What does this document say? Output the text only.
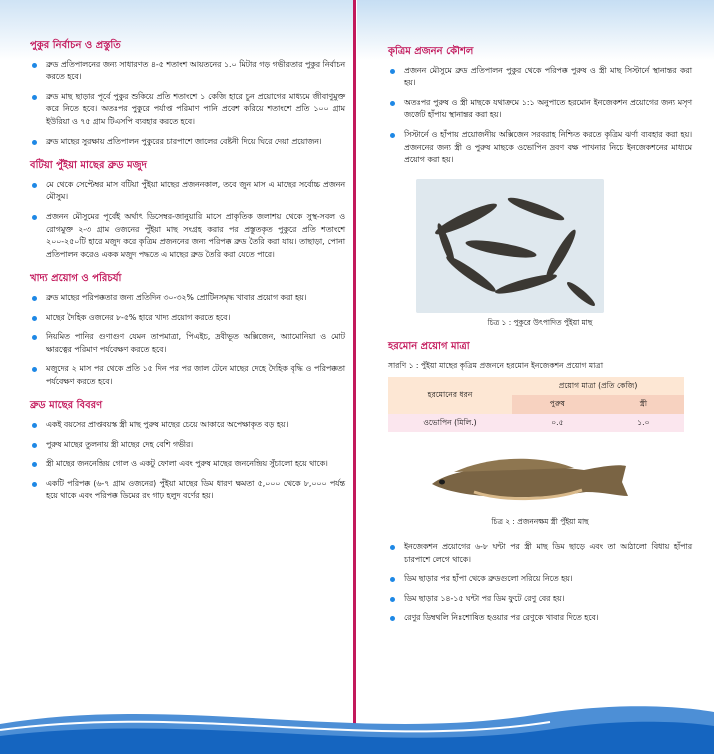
পুকুর নির্বাচন ও প্রস্তুতি
ব্রুড প্রতিপালনের জন্য সাধারণত ৪-৫ শতাংশ আয়তনের ১.০ মিটার গড় গভীরতার পুকুর নির্বাচন করতে হবে।
ব্রুড মাছ ছাড়ার পূর্বে পুকুর শুকিয়ে প্রতি শতাংশে ১ কেজি হারে চুন প্রয়োগের মাধ্যমে জীবাণুমুক্ত করে নিতে হবে। অতঃপর পুকুরে পর্যাপ্ত পরিমাণ পানি প্রবেশ করিয়ে শতাংশে প্রতি ১০০ গ্রাম ইউরিয়া ও ৭৫ গ্রাম টিএসপি ব্যবহার করতে হবে।
ব্রুড মাছের সুরক্ষায় প্রতিপালন পুকুরের চারপাশে জালের বেষ্টনী দিয়ে ঘিরে দেয়া প্রয়োজন।
বটিয়া পুঁইয়া মাছের ব্রুড মজুদ
মে থেকে সেপ্টেম্বর মাস বটিয়া পুঁইয়া মাছের প্রজননকাল, তবে জুন মাস এ মাছের সর্বোচ্চ প্রজনন মৌসুম।
প্রজনন মৌসুমের পূর্বেই অর্থাৎ ডিসেম্বর-জানুয়ারি মাসে প্রাকৃতিক জলাশয় থেকে সুস্থ-সবল ও রোগমুক্ত ২-৩ গ্রাম ওজনের পুঁইয়া মাছ সংগ্রহ করার পর প্রস্তুতকৃত পুকুরে প্রতি শতাংশে ২০০-২৫০টি হারে মজুদ করে কৃত্রিম প্রজননের জন্য পরিপক্ক ব্রুড তৈরি করা যায়। তাছাড়া, পোনা প্রতিপালন করেও একক মজুদ পদ্ধতে এ মাছের ব্রুড তৈরি করা যেতে পারে।
খাদ্য প্রয়োগ ও পরিচর্যা
ব্রুড মাছের পরিপক্কতার জন্য প্রতিদিন ৩০-৩২% প্রোটিনসমৃদ্ধ খাবার প্রয়োগ করা হয়।
মাছের দৈহিক ওজনের ৮-৫% হারে খাদ্য প্রয়োগ করতে হবে।
নিয়মিত পানির গুণাগুণ যেমন তাপমাত্রা, পিএইচ, দ্রবীভূত অক্সিজেন, অ্যামোনিয়া ও মোট ক্ষারত্বের পরিমাণ পর্যবেক্ষণ করতে হবে।
মজুদের ২ মাস পর থেকে প্রতি ১৫ দিন পর পর জাল টেনে মাছের দেহে দৈহিক বৃদ্ধি ও পরিপক্কতা পর্যবেক্ষণ করতে হবে।
ব্রুড মাছের বিবরণ
একই বয়সের প্রাপ্তবয়স্ক স্ত্রী মাছ পুরুষ মাছের চেয়ে আকারে অপেক্ষাকৃত বড় হয়।
পুরুষ মাছের তুলনায় স্ত্রী মাছের দেহ বেশি গভীর।
স্ত্রী মাছের জননেন্দ্রিয় গোল ও একটু ফোলা এবং পুরুষ মাছের জননেন্দ্রিয় সুঁচালো হয়ে থাকে।
একটি পরিপক্ক (৬-৭ গ্রাম ওজনের) পুঁইয়া মাছের ডিম ধারণ ক্ষমতা ৫,০০০ থেকে ৮,০০০ পর্যন্ত হয়ে থাকে এবং পরিপক্ক ডিমের রং গাঢ় হলুদ বর্ণের হয়।
কৃত্রিম প্রজনন কৌশল
প্রজনন মৌসুমে ব্রুড প্রতিপালন পুকুর থেকে পরিপক্ক পুরুষ ও স্ত্রী মাছ সিস্টার্নে স্থানান্তর করা হয়।
অতঃপর পুরুষ ও স্ত্রী মাছকে যথাক্রমে ১:১ অনুপাতে হরমোন ইনজেকশন প্রয়োগের জন্য মসৃণ জর্জেট হাঁপায় স্থানান্তর করা হয়।
সিস্টার্নে ও হাঁপায় প্রয়োজনীয় অক্সিজেন সরবরাহ নিশ্চিত করতে কৃত্রিম ঝর্ণা ব্যবহার করা হয়। প্রজননের জন্য স্ত্রী ও পুরুষ মাছকে ওভোপিন দ্রবণ বক্ষ পাখনার নিচে ইনজেকশনের মাধ্যমে প্রয়োগ করা হয়।
চিত্র ১ : পুকুরে উৎপাদিত পুঁইয়া মাছ
হরমোন প্রয়োগ মাত্রা
সারণি ১ : পুঁইয়া মাছের কৃত্রিম প্রজননে হরমোন ইনজেকশন প্রয়োগ মাত্রা
হরমোনের ধরন	প্রয়োগ মাত্রা (প্রতি কেজি)	
	পুরুষ	স্ত্রী
ওভোপিন (মিলি.)	০.৫	১.০
চিত্র ২ : প্রজননক্ষম স্ত্রী পুঁইয়া মাছ
ইনজেকশন প্রয়োগের ৬-৮ ঘন্টা পর স্ত্রী মাছ ডিম ছাড়ে এবং তা আঠালো বিধায় হাঁপার চারপাশে লেগে থাকে।
ডিম ছাড়ার পর হাঁপা থেকে ব্রুডগুলো সরিয়ে নিতে হয়।
ডিম ছাড়ার ১৪-১৫ ঘন্টা পর ডিম ফুটে রেণু বের হয়।
রেণুর ডিম্বথলি নিঃশোষিত হওয়ার পর রেণুকে খাবার দিতে হবে।
